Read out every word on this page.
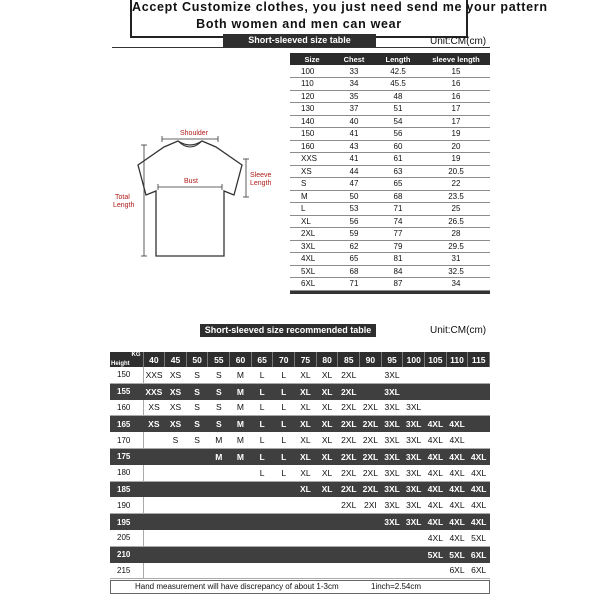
Accept Customize clothes, you just need send me your pattern
Both women and men can wear
Short-sleeved size table	Unit:CM(cm)
Shoulder
Bust
Sleeve
Length
Total
Length
Size	Chest	Length	sleeve length
100	33	42.5	15
110	34	45.5	16
120	35	48	16
130	37	51	17
140	40	54	17
150	41	56	19
160	43	60	20
XXS	41	61	19
XS	44	63	20.5
S	47	65	22
M	50	68	23.5
L	53	71	25
XL	56	74	26.5
2XL	59	77	28
3XL	62	79	29.5
4XL	65	81	31
5XL	68	84	32.5
6XL	71	87	34

Short-sleeved size recommended table	Unit:CM(cm)
KG
Height	40	45	50	55	60	65	70	75	80	85	90	95	100	105	110	115
150	XXS	XS	S	S	M	L	L	XL	XL	2XL		3XL				
155	XXS	XS	S	S	M	L	L	XL	XL	2XL		3XL				
160	XS	XS	S	S	M	L	L	XL	XL	2XL	2XL	3XL	3XL			
165	XS	XS	S	S	M	L	L	XL	XL	2XL	2XL	3XL	3XL	4XL	4XL	
170		S	S	M	M	L	L	XL	XL	2XL	2XL	3XL	3XL	4XL	4XL	
175				M	M	L	L	XL	XL	2XL	2XL	3XL	3XL	4XL	4XL	4XL
180						L	L	XL	XL	2XL	2XL	3XL	3XL	4XL	4XL	4XL
185								XL	XL	2XL	2XL	3XL	3XL	4XL	4XL	4XL
190										2XL	2XI	3XL	3XL	4XL	4XL	4XL
195												3XL	3XL	4XL	4XL	4XL
205														4XL	4XL	5XL
210														5XL	5XL	6XL
215															6XL	6XL
Hand measurement will have discrepancy of about 1-3cm	1inch=2.54cm
